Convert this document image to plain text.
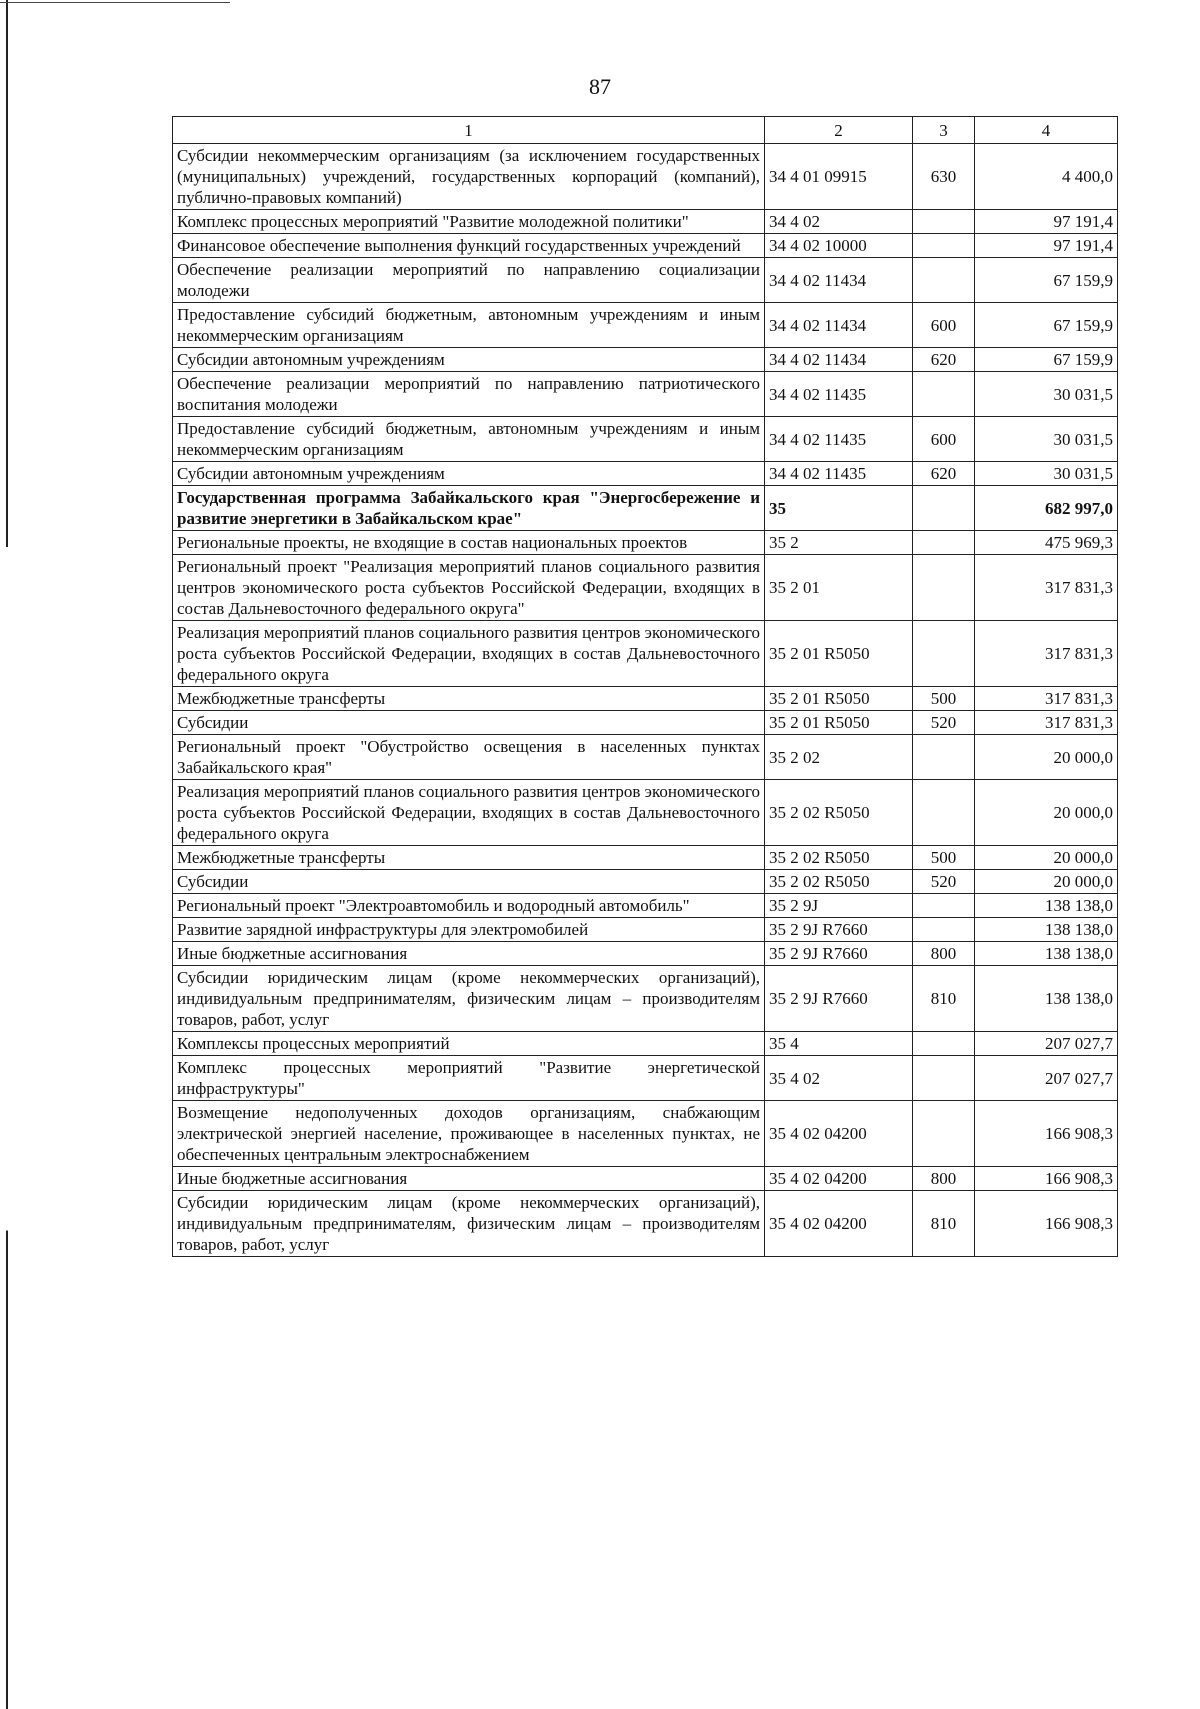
87
1	2	3	4
Субсидии некоммерческим организациям (за исключением государственных (муниципальных) учреждений, государственных корпораций (компаний), публично-правовых компаний)	34 4 01 09915	630	4 400,0
Комплекс процессных мероприятий "Развитие молодежной политики"	34 4 02		97 191,4
Финансовое обеспечение выполнения функций государственных учреждений	34 4 02 10000		97 191,4
Обеспечение реализации мероприятий по направлению социализации молодежи	34 4 02 11434		67 159,9
Предоставление субсидий бюджетным, автономным учреждениям и иным некоммерческим организациям	34 4 02 11434	600	67 159,9
Субсидии автономным учреждениям	34 4 02 11434	620	67 159,9
Обеспечение реализации мероприятий по направлению патриотического воспитания молодежи	34 4 02 11435		30 031,5
Предоставление субсидий бюджетным, автономным учреждениям и иным некоммерческим организациям	34 4 02 11435	600	30 031,5
Субсидии автономным учреждениям	34 4 02 11435	620	30 031,5
Государственная программа Забайкальского края "Энергосбережение и развитие энергетики в Забайкальском крае"	35		682 997,0
Региональные проекты, не входящие в состав национальных проектов	35 2		475 969,3
Региональный проект "Реализация мероприятий планов социального развития центров экономического роста субъектов Российской Федерации, входящих в состав Дальневосточного федерального округа"	35 2 01		317 831,3
Реализация мероприятий планов социального развития центров экономического роста субъектов Российской Федерации, входящих в состав Дальневосточного федерального округа	35 2 01 R5050		317 831,3
Межбюджетные трансферты	35 2 01 R5050	500	317 831,3
Субсидии	35 2 01 R5050	520	317 831,3
Региональный проект "Обустройство освещения в населенных пунктах Забайкальского края"	35 2 02		20 000,0
Реализация мероприятий планов социального развития центров экономического роста субъектов Российской Федерации, входящих в состав Дальневосточного федерального округа	35 2 02 R5050		20 000,0
Межбюджетные трансферты	35 2 02 R5050	500	20 000,0
Субсидии	35 2 02 R5050	520	20 000,0
Региональный проект "Электроавтомобиль и водородный автомобиль"	35 2 9J		138 138,0
Развитие зарядной инфраструктуры для электромобилей	35 2 9J R7660		138 138,0
Иные бюджетные ассигнования	35 2 9J R7660	800	138 138,0
Субсидии юридическим лицам (кроме некоммерческих организаций), индивидуальным предпринимателям, физическим лицам – производителям товаров, работ, услуг	35 2 9J R7660	810	138 138,0
Комплексы процессных мероприятий	35 4		207 027,7
Комплекс процессных мероприятий "Развитие энергетической инфраструктуры"	35 4 02		207 027,7
Возмещение недополученных доходов организациям, снабжающим электрической энергией население, проживающее в населенных пунктах, не обеспеченных центральным электроснабжением	35 4 02 04200		166 908,3
Иные бюджетные ассигнования	35 4 02 04200	800	166 908,3
Субсидии юридическим лицам (кроме некоммерческих организаций), индивидуальным предпринимателям, физическим лицам – производителям товаров, работ, услуг	35 4 02 04200	810	166 908,3
